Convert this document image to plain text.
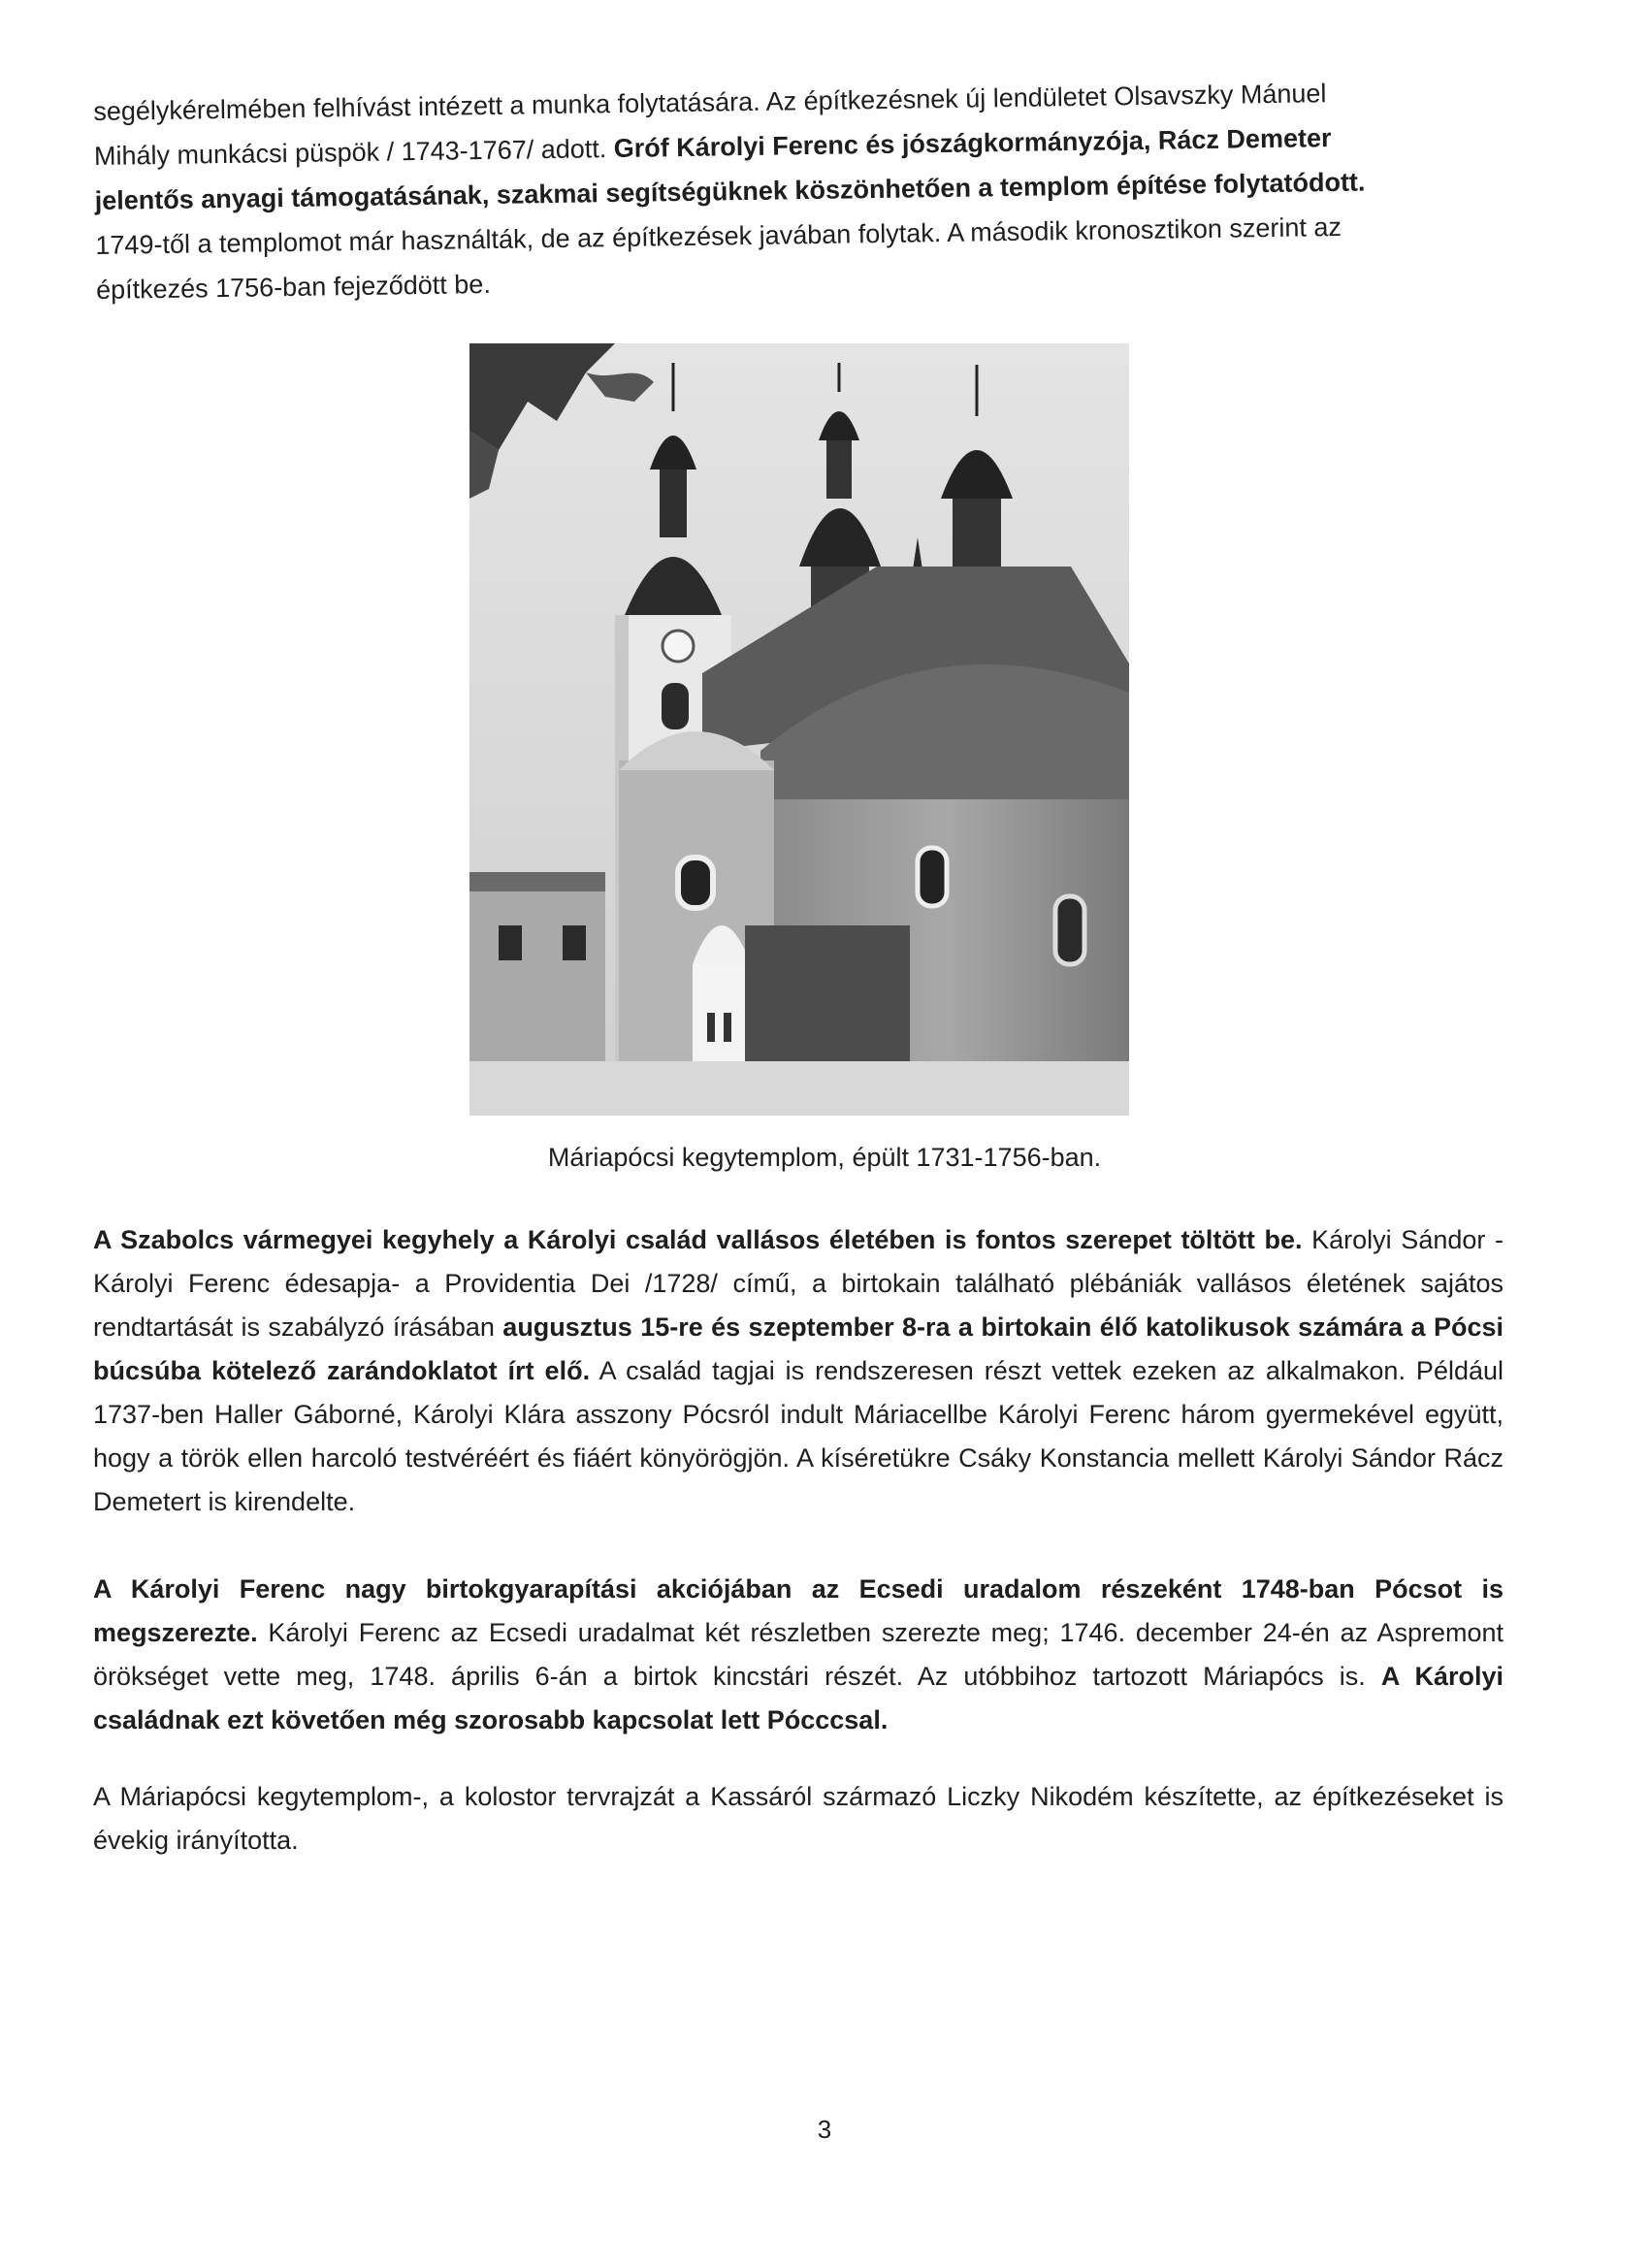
segélykérelmében felhívást intézett a munka folytatására. Az építkezésnek új lendületet Olsavszky Mánuel
Mihály munkácsi püspök / 1743-1767/ adott. Gróf Károlyi Ferenc és jószágkormányzója, Rácz Demeter
jelentős anyagi támogatásának, szakmai segítségüknek köszönhetően a templom építése folytatódott.
1749-től a templomot már használták, de az építkezések javában folytak. A második kronosztikon szerint az
építkezés 1756-ban fejeződött be.
Máriapócsi kegytemplom, épült 1731-1756-ban.
A Szabolcs vármegyei kegyhely a Károlyi család vallásos életében is fontos szerepet töltött be. Károlyi Sándor - Károlyi Ferenc édesapja- a Providentia Dei /1728/ című, a birtokain található plébániák vallásos életének sajátos rendtartását is szabályzó írásában augusztus 15-re és szeptember 8-ra a birtokain élő katolikusok számára a Pócsi búcsúba kötelező zarándoklatot írt elő. A család tagjai is rendszeresen részt vettek ezeken az alkalmakon. Például 1737-ben Haller Gáborné, Károlyi Klára asszony Pócsról indult Máriacellbe Károlyi Ferenc három gyermekével együtt, hogy a török ellen harcoló testvéréért és fiáért könyörögjön. A kíséretükre Csáky Konstancia mellett Károlyi Sándor Rácz Demetert is kirendelte.
A Károlyi Ferenc nagy birtokgyarapítási akciójában az Ecsedi uradalom részeként 1748-ban Pócsot is megszerezte. Károlyi Ferenc az Ecsedi uradalmat két részletben szerezte meg; 1746. december 24-én az Aspremont örökséget vette meg, 1748. április 6-án a birtok kincstári részét. Az utóbbihoz tartozott Máriapócs is. A Károlyi családnak ezt követően még szorosabb kapcsolat lett Pócccsal.
A Máriapócsi kegytemplom-, a kolostor tervrajzát a Kassáról származó Liczky Nikodém készítette, az építkezéseket is évekig irányította.
3
